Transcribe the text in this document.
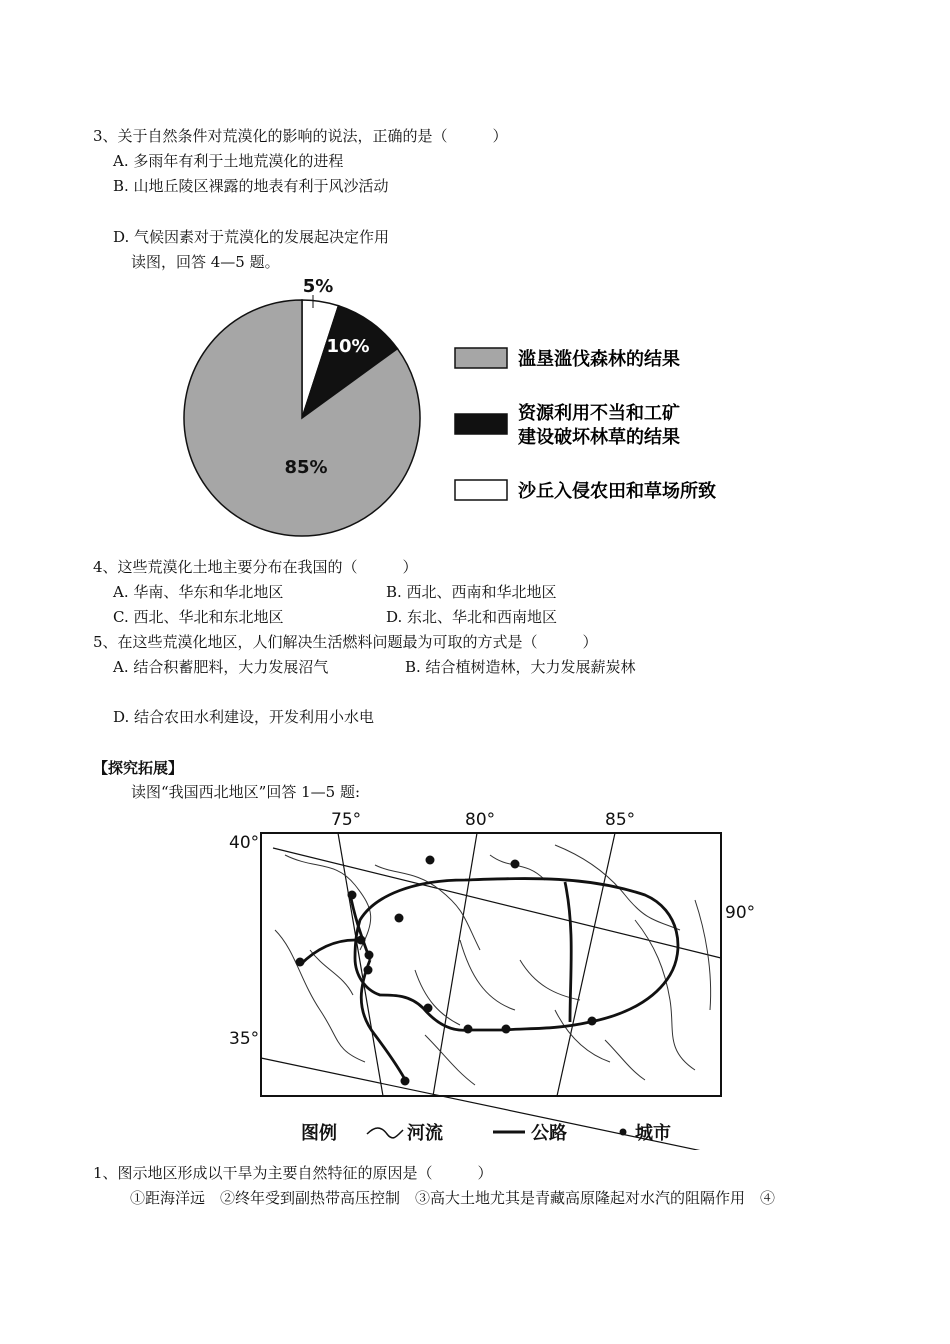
3、关于自然条件对荒漠化的影响的说法，正确的是（　　　）
A. 多雨年有利于土地荒漠化的进程
B. 山地丘陵区裸露的地表有利于风沙活动
D. 气候因素对于荒漠化的发展起决定作用
读图，回答 4—5 题。
5%
10%
85%
滥垦滥伐森林的结果
资源利用不当和工矿
建设破坏林草的结果
沙丘入侵农田和草场所致
4、这些荒漠化土地主要分布在我国的（　　　）
A. 华南、华东和华北地区	B. 西北、西南和华北地区
C. 西北、华北和东北地区	D. 东北、华北和西南地区
5、在这些荒漠化地区，人们解决生活燃料问题最为可取的方式是（　　　）
A. 结合积蓄肥料，大力发展沼气	B. 结合植树造林，大力发展薪炭林
D. 结合农田水利建设，开发利用小水电
【探究拓展】
读图“我国西北地区”回答 1—5 题:
75°	80°	85°
90°
40°
35°
图例	河流	公路	城市
1、图示地区形成以干旱为主要自然特征的原因是（　　　）
①距海洋远　②终年受到副热带高压控制　③高大土地尤其是青藏高原隆起对水汽的阻隔作用　④
